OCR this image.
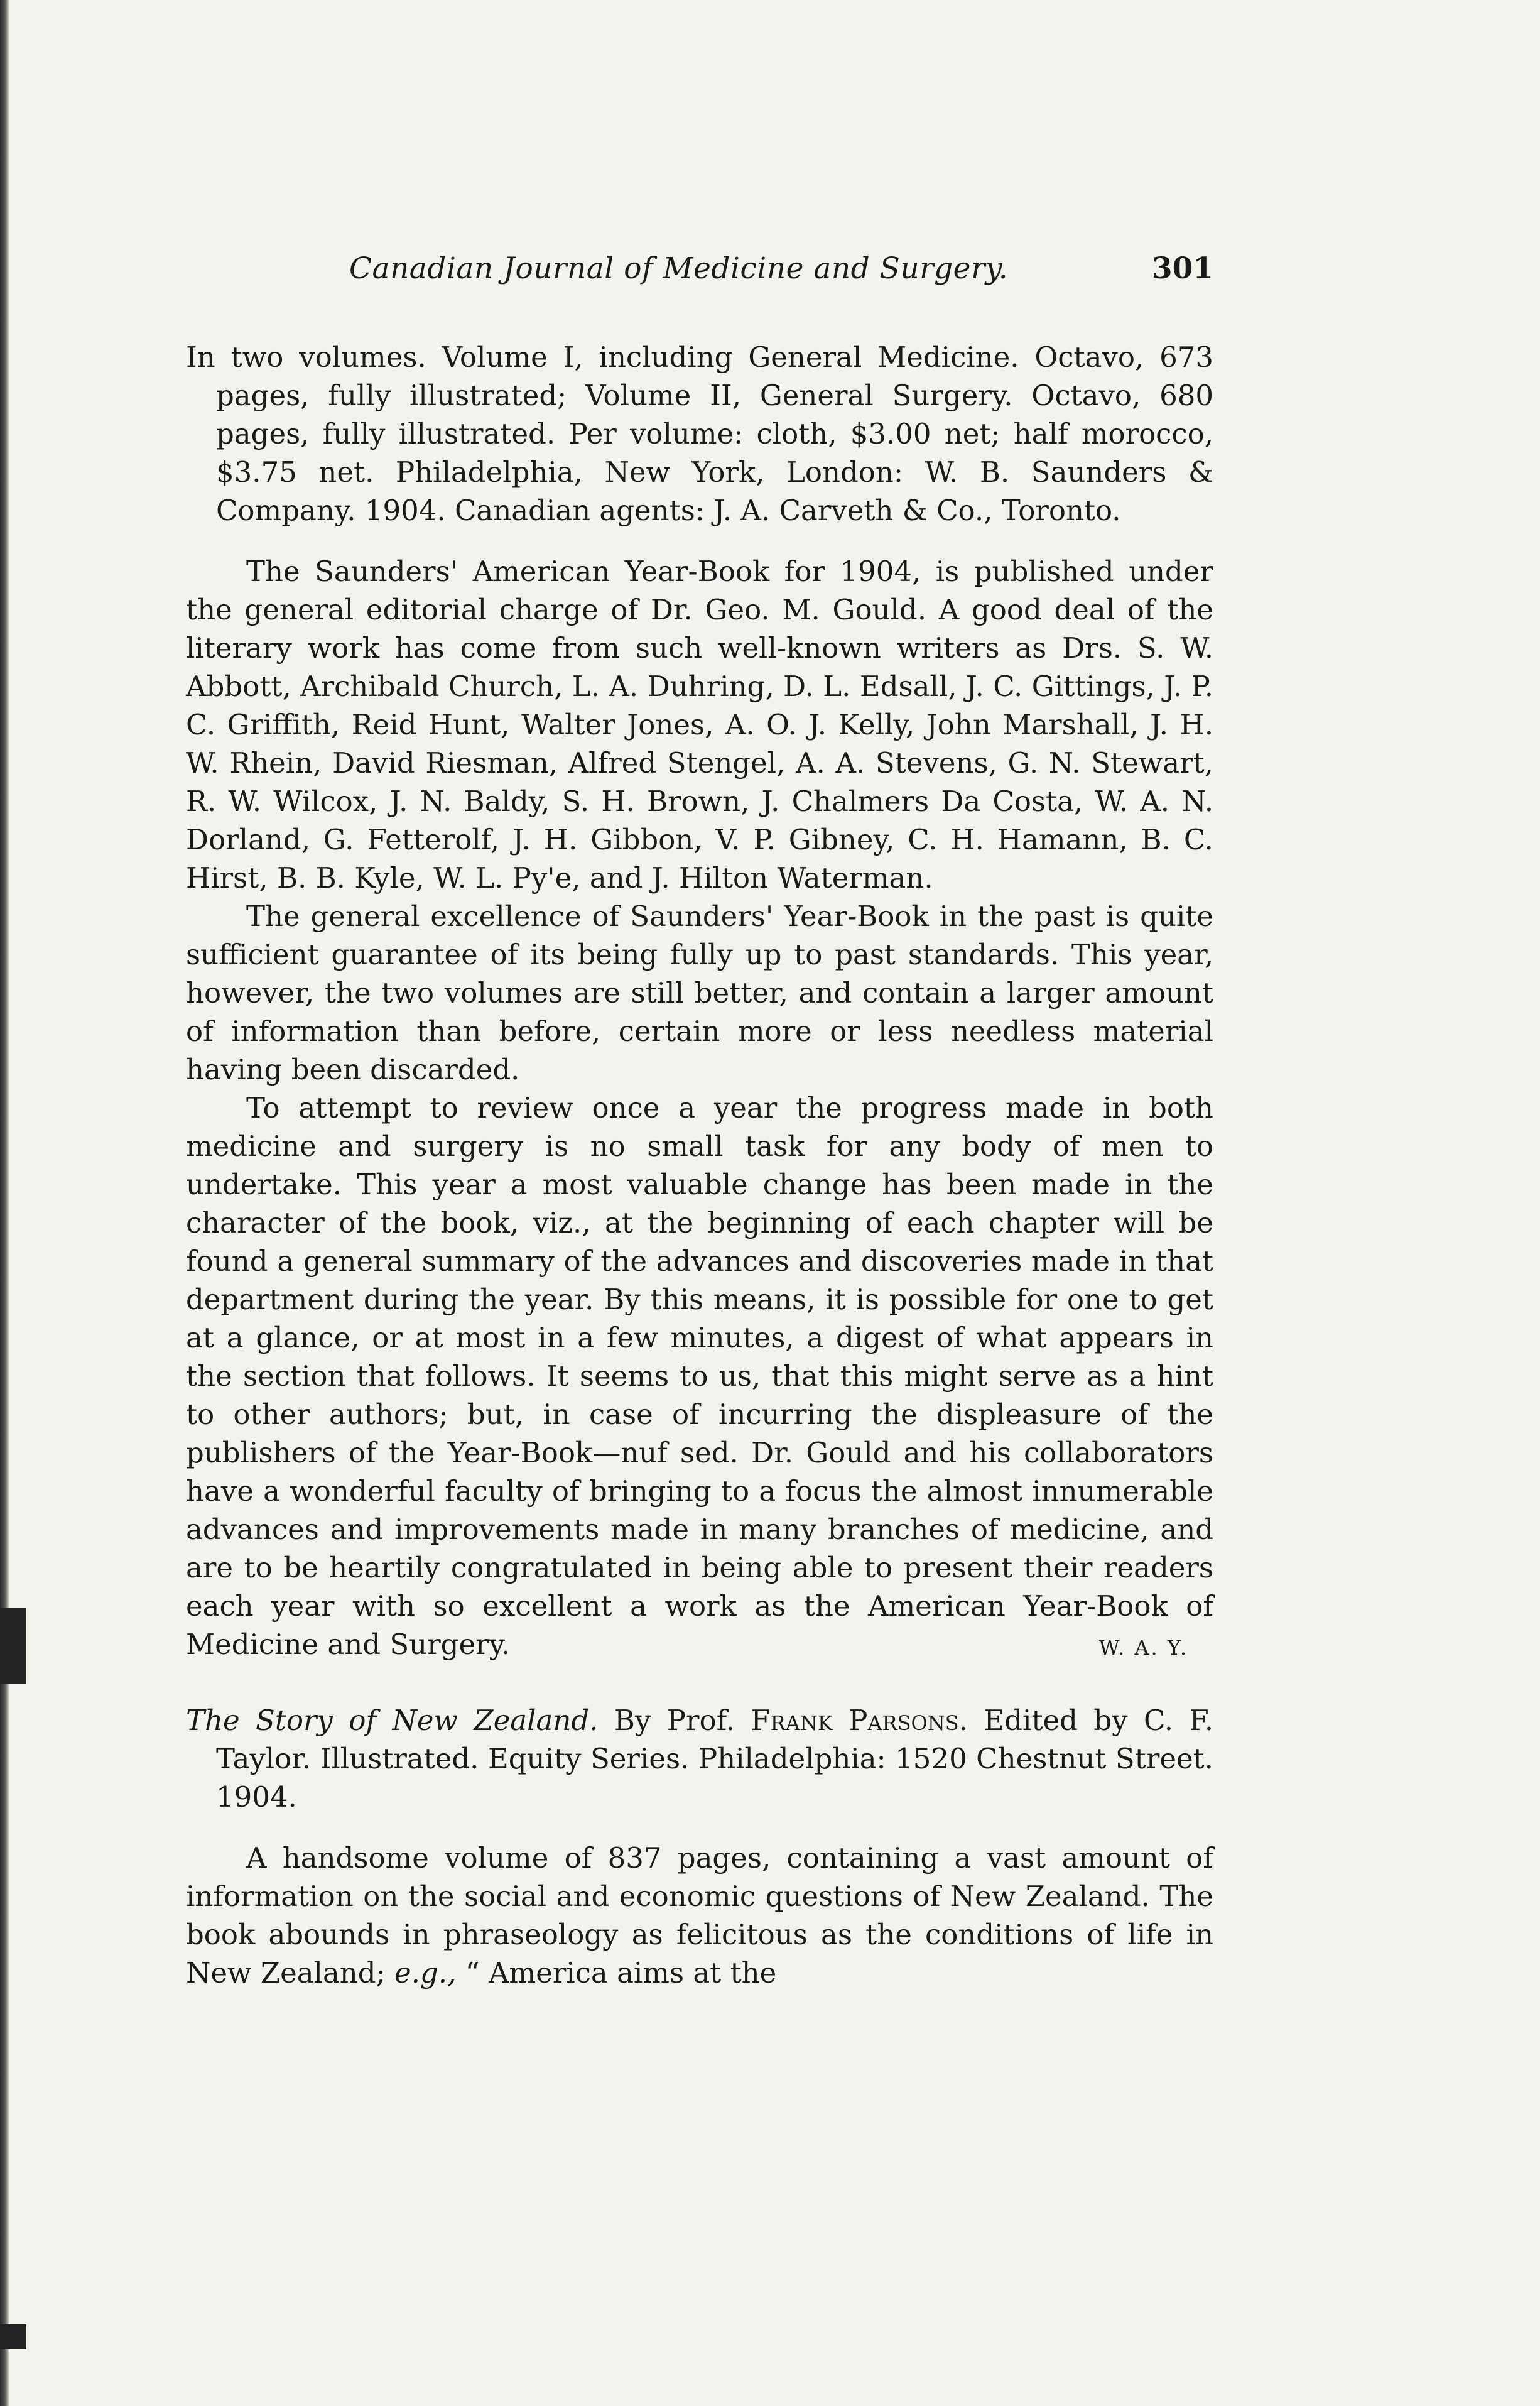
Canadian Journal of Medicine and Surgery.	301

In two volumes. Volume I, including General Medicine. Octavo, 673 pages, fully illustrated; Volume II, General Surgery. Octavo, 680 pages, fully illustrated. Per volume: cloth, $3.00 net; half morocco, $3.75 net. Philadelphia, New York, London: W. B. Saunders & Company. 1904. Canadian agents: J. A. Carveth & Co., Toronto.

The Saunders' American Year-Book for 1904, is published under the general editorial charge of Dr. Geo. M. Gould. A good deal of the literary work has come from such well-known writers as Drs. S. W. Abbott, Archibald Church, L. A. Duhring, D. L. Edsall, J. C. Gittings, J. P. C. Griffith, Reid Hunt, Walter Jones, A. O. J. Kelly, John Marshall, J. H. W. Rhein, David Riesman, Alfred Stengel, A. A. Stevens, G. N. Stewart, R. W. Wilcox, J. N. Baldy, S. H. Brown, J. Chalmers Da Costa, W. A. N. Dorland, G. Fetterolf, J. H. Gibbon, V. P. Gibney, C. H. Hamann, B. C. Hirst, B. B. Kyle, W. L. Py'e, and J. Hilton Waterman.

The general excellence of Saunders' Year-Book in the past is quite sufficient guarantee of its being fully up to past standards. This year, however, the two volumes are still better, and contain a larger amount of information than before, certain more or less needless material having been discarded.

To attempt to review once a year the progress made in both medicine and surgery is no small task for any body of men to undertake. This year a most valuable change has been made in the character of the book, viz., at the beginning of each chapter will be found a general summary of the advances and discoveries made in that department during the year. By this means, it is possible for one to get at a glance, or at most in a few minutes, a digest of what appears in the section that follows. It seems to us, that this might serve as a hint to other authors; but, in case of incurring the displeasure of the publishers of the Year-Book—nuf sed. Dr. Gould and his collaborators have a wonderful faculty of bringing to a focus the almost innumerable advances and improvements made in many branches of medicine, and are to be heartily congratulated in being able to present their readers each year with so excellent a work as the American Year-Book of Medicine and Surgery.	W. A. Y.

The Story of New Zealand. By Prof. Frank Parsons. Edited by C. F. Taylor. Illustrated. Equity Series. Philadelphia: 1520 Chestnut Street. 1904.

A handsome volume of 837 pages, containing a vast amount of information on the social and economic questions of New Zealand. The book abounds in phraseology as felicitous as the conditions of life in New Zealand; e.g., “ America aims at the
